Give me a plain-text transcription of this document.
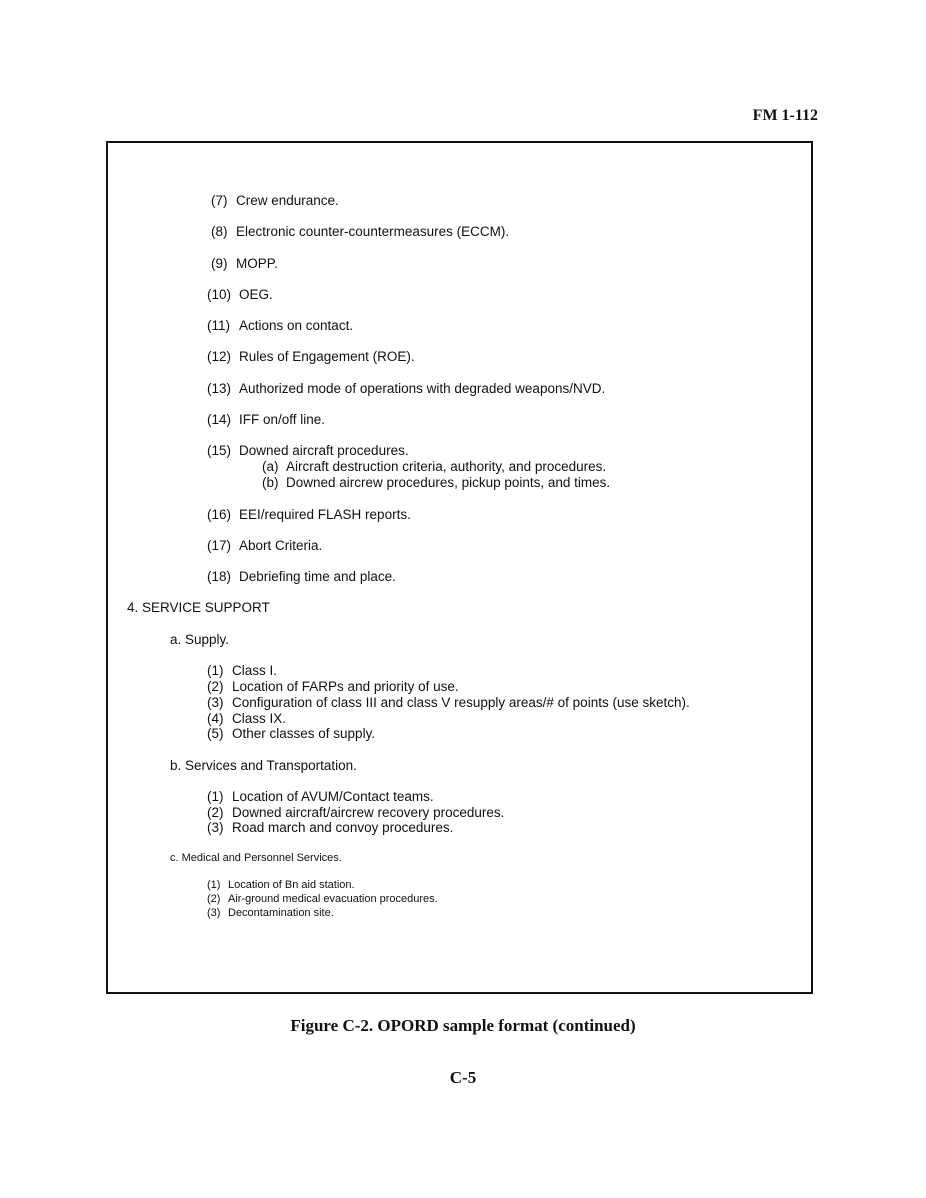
FM 1-112
(7) Crew endurance.
(8) Electronic counter-countermeasures (ECCM).
(9) MOPP.
(10) OEG.
(11) Actions on contact.
(12) Rules of Engagement (ROE).
(13) Authorized mode of operations with degraded weapons/NVD.
(14) IFF on/off line.
(15) Downed aircraft procedures.
(a) Aircraft destruction criteria, authority, and procedures.
(b) Downed aircrew procedures, pickup points, and times.
(16) EEI/required FLASH reports.
(17) Abort Criteria.
(18) Debriefing time and place.
4. SERVICE SUPPORT
a. Supply.
(1) Class I.
(2) Location of FARPs and priority of use.
(3) Configuration of class III and class V resupply areas/# of points (use sketch).
(4) Class IX.
(5) Other classes of supply.
b. Services and Transportation.
(1) Location of AVUM/Contact teams.
(2) Downed aircraft/aircrew recovery procedures.
(3) Road march and convoy procedures.
c. Medical and Personnel Services.
(1) Location of Bn aid station.
(2) Air-ground medical evacuation procedures.
(3) Decontamination site.
Figure C-2. OPORD sample format (continued)
C-5
